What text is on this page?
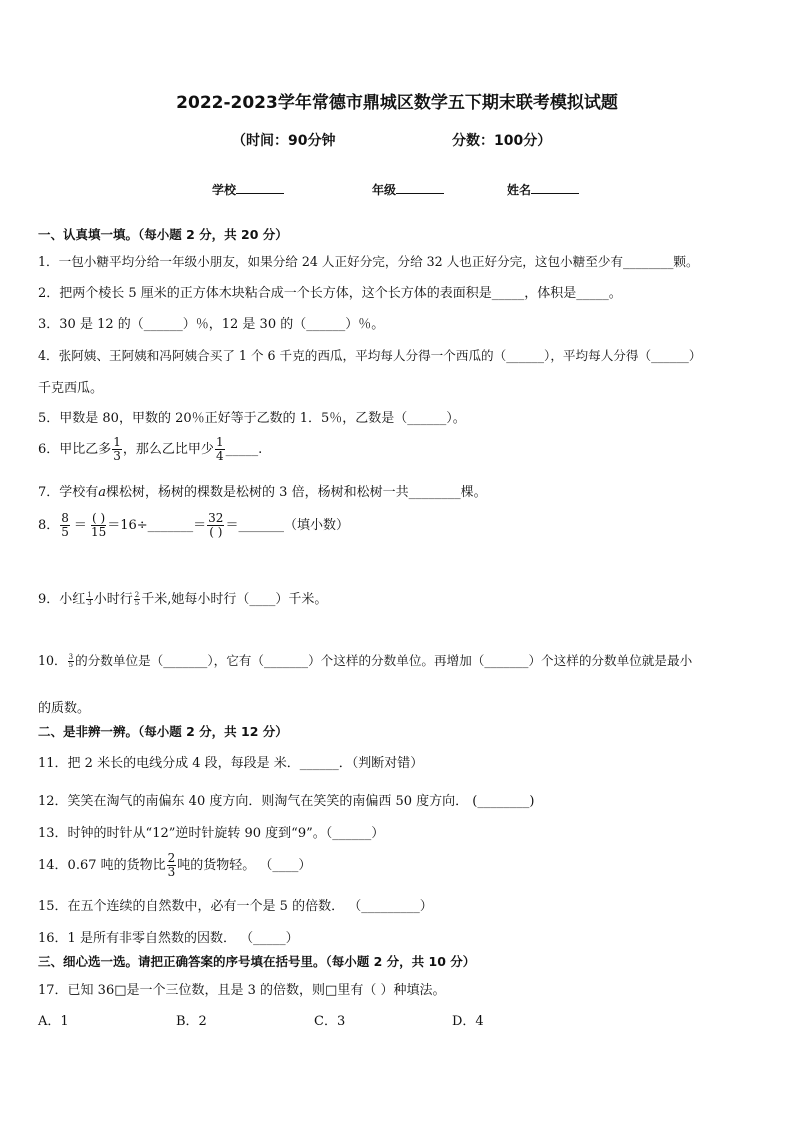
2022-2023学年常德市鼎城区数学五下期末联考模拟试题
（时间：90分钟	分数：100分）
学校	年级	姓名
一、认真填一填。（每小题 2 分，共 20 分）
1．一包小糖平均分给一年级小朋友，如果分给 24 人正好分完，分给 32 人也正好分完，这包小糖至少有________颗。
2．把两个棱长 5 厘米的正方体木块粘合成一个长方体，这个长方体的表面积是_____，体积是_____。
3．30 是 12 的（______）％，12 是 30 的（______）％。
4．张阿姨、王阿姨和冯阿姨合买了 1 个 6 千克的西瓜，平均每人分得一个西瓜的（______），平均每人分得（______）
千克西瓜。
5．甲数是 80，甲数的 20％正好等于乙数的 1．5％，乙数是（______）。
6．甲比乙多 $\frac{1}{3}$ ，那么乙比甲少 $\frac{1}{4}$ _____.
7．学校有a棵松树，杨树的棵数是松树的 3 倍，杨树和松树一共________棵。
8． $\frac{8}{5} = \frac{( )}{15}$ ＝16÷_______＝ $\frac{32}{( )}$ ＝_______（填小数）
9．小红 $\frac{1}{3}$ 小时行 $\frac{2}{5}$ 千米,她每小时行（____）千米。
10． $\frac{3}{5}$ 的分数单位是（_______），它有（_______）个这样的分数单位。再增加（_______）个这样的分数单位就是最小
的质数。
二、是非辨一辨。（每小题 2 分，共 12 分）
11．把 2 米长的电线分成 4 段，每段是 米．______．（判断对错）
12．笑笑在淘气的南偏东 40 度方向．则淘气在笑笑的南偏西 50 度方向． (________)
13．时钟的时针从“12”逆时针旋转 90 度到“9”。（______）
14．0.67 吨的货物比 $\frac{2}{3}$ 吨的货物轻。 （____）
15．在五个连续的自然数中，必有一个是 5 的倍数． （_________）
16．1 是所有非零自然数的因数． （_____）
三、细心选一选。请把正确答案的序号填在括号里。（每小题 2 分，共 10 分）
17．已知 36□是一个三位数，且是 3 的倍数，则□里有（ ）种填法。
A．1	B．2	C．3	D．4
